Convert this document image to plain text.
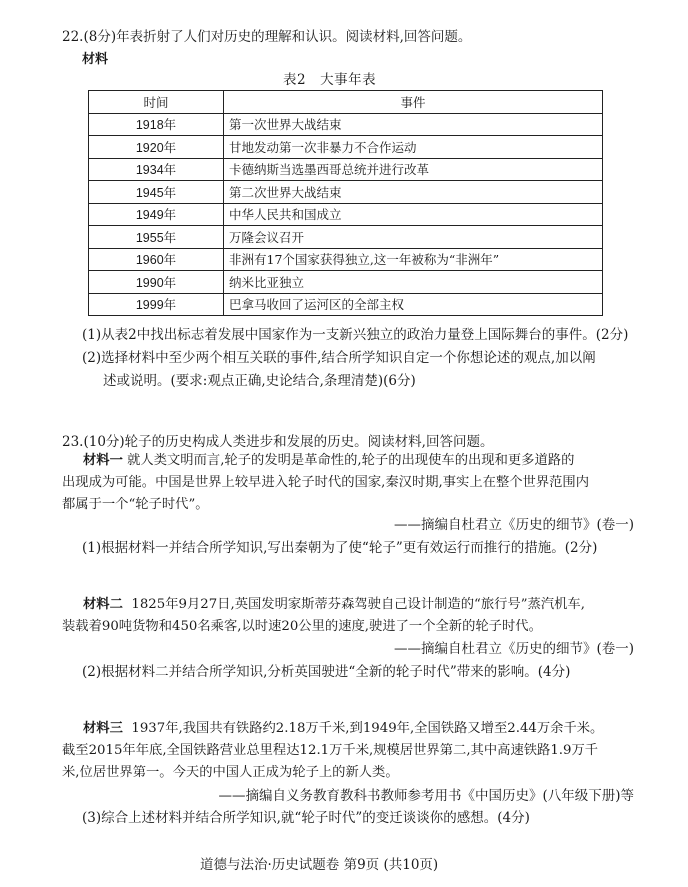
22.(8分)年表折射了人们对历史的理解和认识。阅读材料,回答问题。
材料
表2　大事年表
时间	事件
1918年	第一次世界大战结束
1920年	甘地发动第一次非暴力不合作运动
1934年	卡德纳斯当选墨西哥总统并进行改革
1945年	第二次世界大战结束
1949年	中华人民共和国成立
1955年	万隆会议召开
1960年	非洲有17个国家获得独立,这一年被称为“非洲年”
1990年	纳米比亚独立
1999年	巴拿马收回了运河区的全部主权
(1)从表2中找出标志着发展中国家作为一支新兴独立的政治力量登上国际舞台的事件。(2分)
(2)选择材料中至少两个相互关联的事件,结合所学知识自定一个你想论述的观点,加以阐
述或说明。(要求:观点正确,史论结合,条理清楚)(6分)
23.(10分)轮子的历史构成人类进步和发展的历史。阅读材料,回答问题。

材料一 就人类文明而言,轮子的发明是革命性的,轮子的出现使车的出现和更多道路的

出现成为可能。中国是世界上较早进入轮子时代的国家,秦汉时期,事实上在整个世界范围内

都属于一个“轮子时代”。

——摘编自杜君立《历史的细节》(卷一)
(1)根据材料一并结合所学知识,写出秦朝为了使“轮子”更有效运行而推行的措施。(2分)

材料二 1825年9月27日,英国发明家斯蒂芬森驾驶自己设计制造的“旅行号”蒸汽机车,

装载着90吨货物和450名乘客,以时速20公里的速度,驶进了一个全新的轮子时代。

——摘编自杜君立《历史的细节》(卷一)
(2)根据材料二并结合所学知识,分析英国驶进“全新的轮子时代”带来的影响。(4分)

材料三 1937年,我国共有铁路约2.18万千米,到1949年,全国铁路又增至2.44万余千米。

截至2015年年底,全国铁路营业总里程达12.1万千米,规模居世界第二,其中高速铁路1.9万千

米,位居世界第一。今天的中国人正成为轮子上的新人类。

——摘编自义务教育教科书教师参考用书《中国历史》(八年级下册)等
(3)综合上述材料并结合所学知识,就“轮子时代”的变迁谈谈你的感想。(4分)
道德与法治·历史试题卷 第9页 (共10页)
